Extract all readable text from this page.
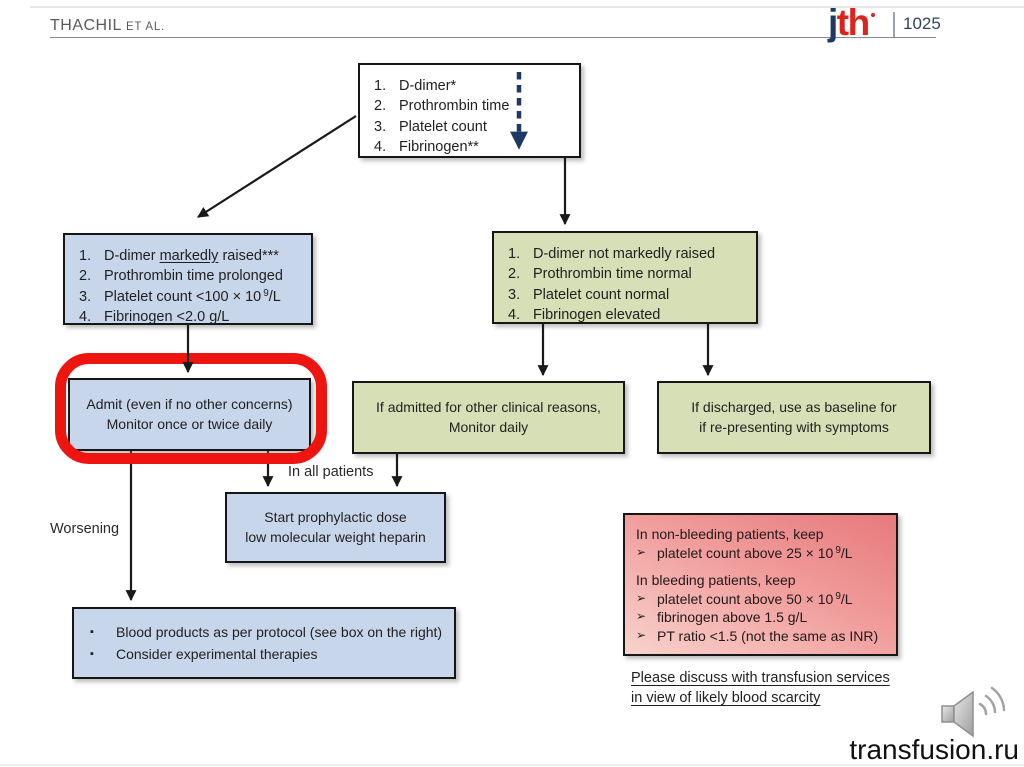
THACHIL ET AL.	jth 1025
1. D-dimer*
2. Prothrombin time
3. Platelet count
4. Fibrinogen**
1. D-dimer markedly raised***
2. Prothrombin time prolonged
3. Platelet count <100 × 10 $^9$/L
4. Fibrinogen <2.0 g/L
1. D-dimer not markedly raised
2. Prothrombin time normal
3. Platelet count normal
4. Fibrinogen elevated
Admit (even if no other concerns)
Monitor once or twice daily
If admitted for other clinical reasons,
Monitor daily
If discharged, use as baseline for
if re-presenting with symptoms
In all patients
Worsening
Start prophylactic dose
low molecular weight heparin
▪	Blood products as per protocol (see box on the right)
▪	Consider experimental therapies
In non-bleeding patients, keep
➢ platelet count above 25 × 10 $^9$/L
In bleeding patients, keep
➢ platelet count above 50 × 10 $^9$/L
➢ fibrinogen above 1.5 g/L
➢ PT ratio <1.5 (not the same as INR)
Please discuss with transfusion services
in view of likely blood scarcity
transfusion.ru
